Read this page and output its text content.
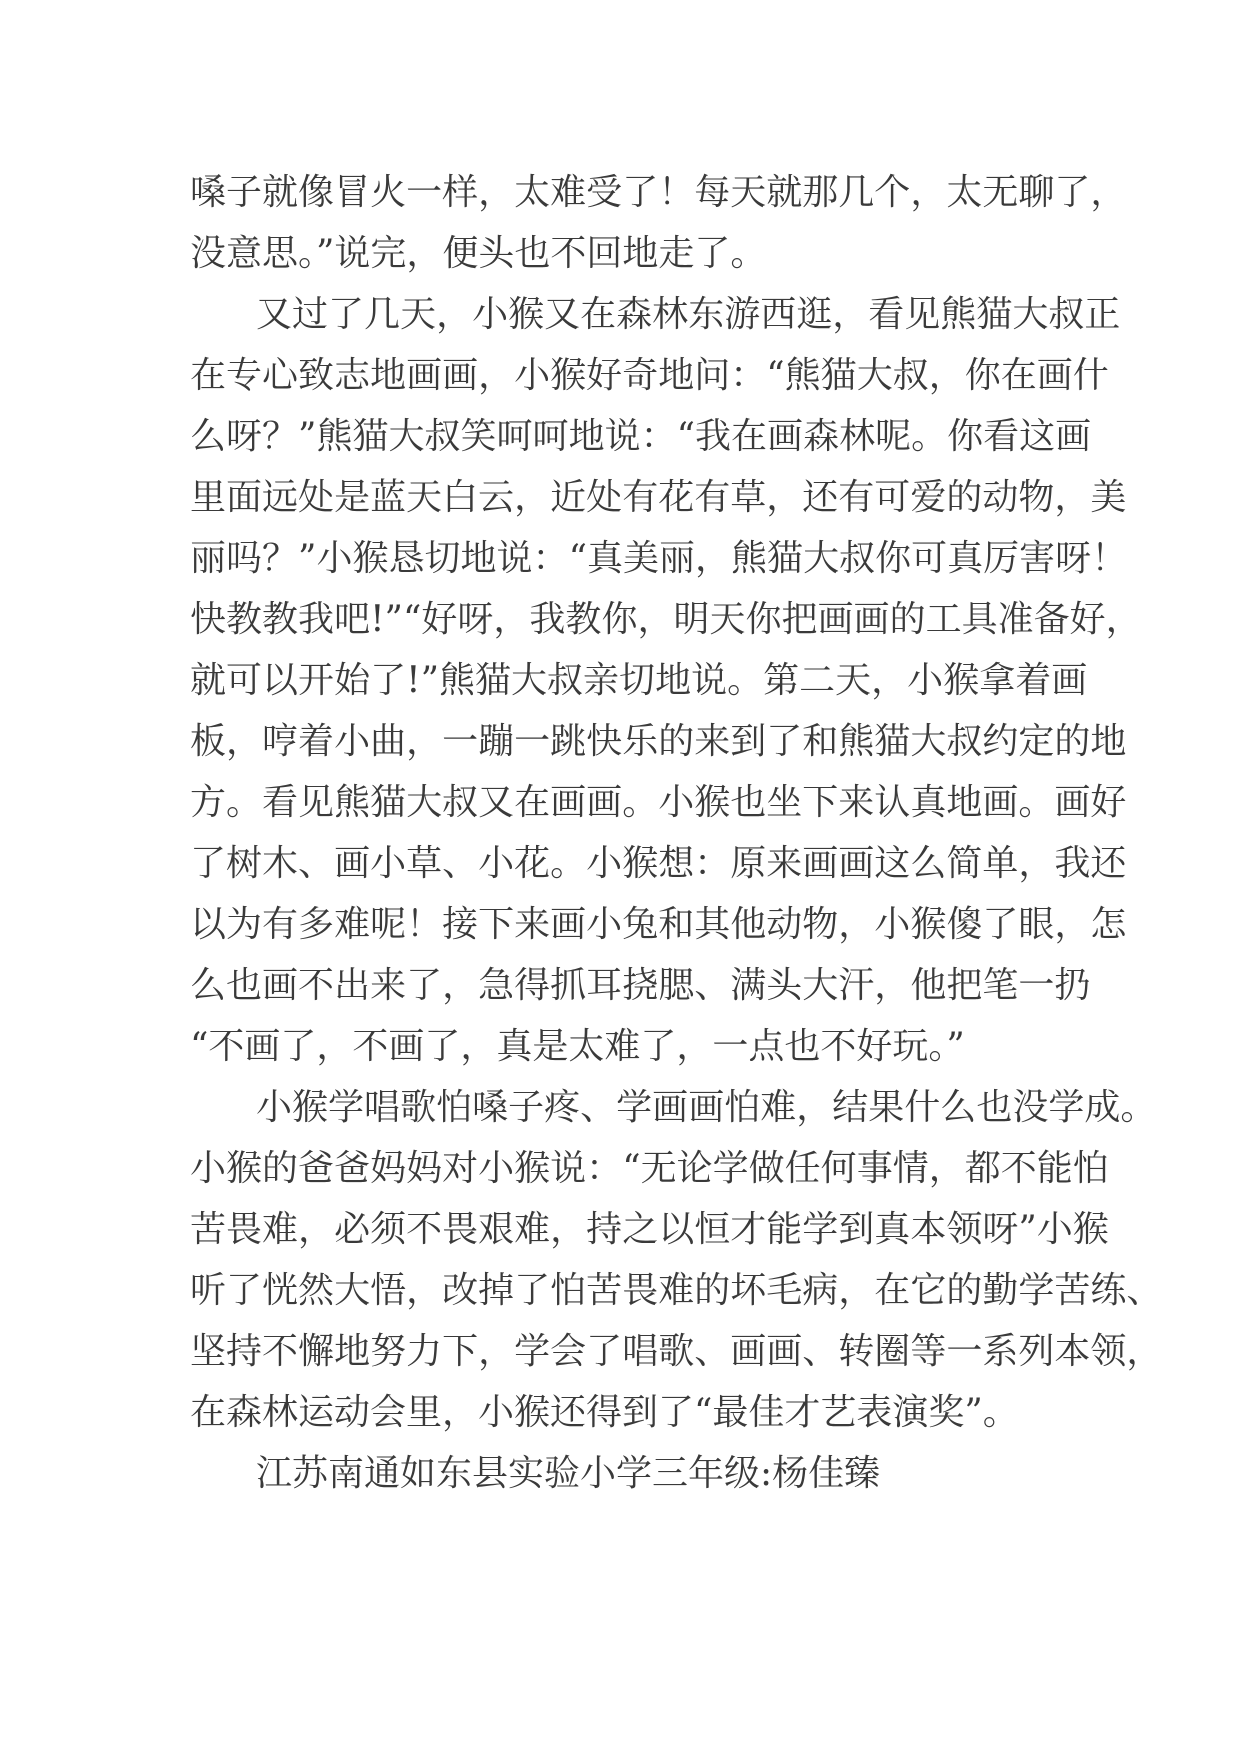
嗓 子 就 像 冒 火 一 样 ， 太 难 受 了 ！ 每 天 就 那 几 个 ， 太 无 聊 了 ，
没意思。”说完，便头也不回地走了。
又 过 了 几 天 ， 小 猴 又 在 森 林 东 游 西 逛 ， 看 见 熊 猫 大 叔 正
在 专 心 致 志 地 画 画 ， 小 猴 好 奇 地 问 ： “ 熊 猫 大 叔 ， 你 在 画 什
么 呀 ？ ” 熊 猫 大 叔 笑 呵 呵 地 说 ： “ 我 在 画 森 林 呢 。 你 看 这 画
里 面 远 处 是 蓝 天 白 云 ， 近 处 有 花 有 草 ， 还 有 可 爱 的 动 物 ， 美
丽 吗 ？ ” 小 猴 恳 切 地 说 ： “ 真 美 丽 ， 熊 猫 大 叔 你 可 真 厉 害 呀 ！
快 教 教 我 吧 ! ” “ 好 呀 ， 我 教 你 ， 明 天 你 把 画 画 的 工 具 准 备 好 ，
就 可 以 开 始 了 ! ” 熊 猫 大 叔 亲 切 地 说 。 第 二 天 ， 小 猴 拿 着 画
板 ， 哼 着 小 曲 ， 一 蹦 一 跳 快 乐 的 来 到 了 和 熊 猫 大 叔 约 定 的 地
方 。 看 见 熊 猫 大 叔 又 在 画 画 。 小 猴 也 坐 下 来 认 真 地 画 。 画 好
了 树 木 、 画 小 草 、 小 花 。 小 猴 想 ： 原 来 画 画 这 么 简 单 ， 我 还
以 为 有 多 难 呢 ！ 接 下 来 画 小 兔 和 其 他 动 物 ， 小 猴 傻 了 眼 ， 怎
么 也 画 不 出 来 了 ， 急 得 抓 耳 挠 腮 、 满 头 大 汗 ， 他 把 笔 一 扔
“不画了，不画了，真是太难了，一点也不好玩。”
小 猴 学 唱 歌 怕 嗓 子 疼 、 学 画 画 怕 难 ， 结 果 什 么 也 没 学 成 。
小 猴 的 爸 爸 妈 妈 对 小 猴 说 ： “ 无 论 学 做 任 何 事 情 ， 都 不 能 怕
苦 畏 难 ， 必 须 不 畏 艰 难 ， 持 之 以 恒 才 能 学 到 真 本 领 呀 ” 小 猴
听 了 恍 然 大 悟 ， 改 掉 了 怕 苦 畏 难 的 坏 毛 病 ， 在 它 的 勤 学 苦 练 、
坚 持 不 懈 地 努 力 下 ， 学 会 了 唱 歌 、 画 画 、 转 圈 等 一 系 列 本 领 ，
在森林运动会里，小猴还得到了“最佳才艺表演奖”。
江苏南通如东县实验小学三年级:杨佳臻
